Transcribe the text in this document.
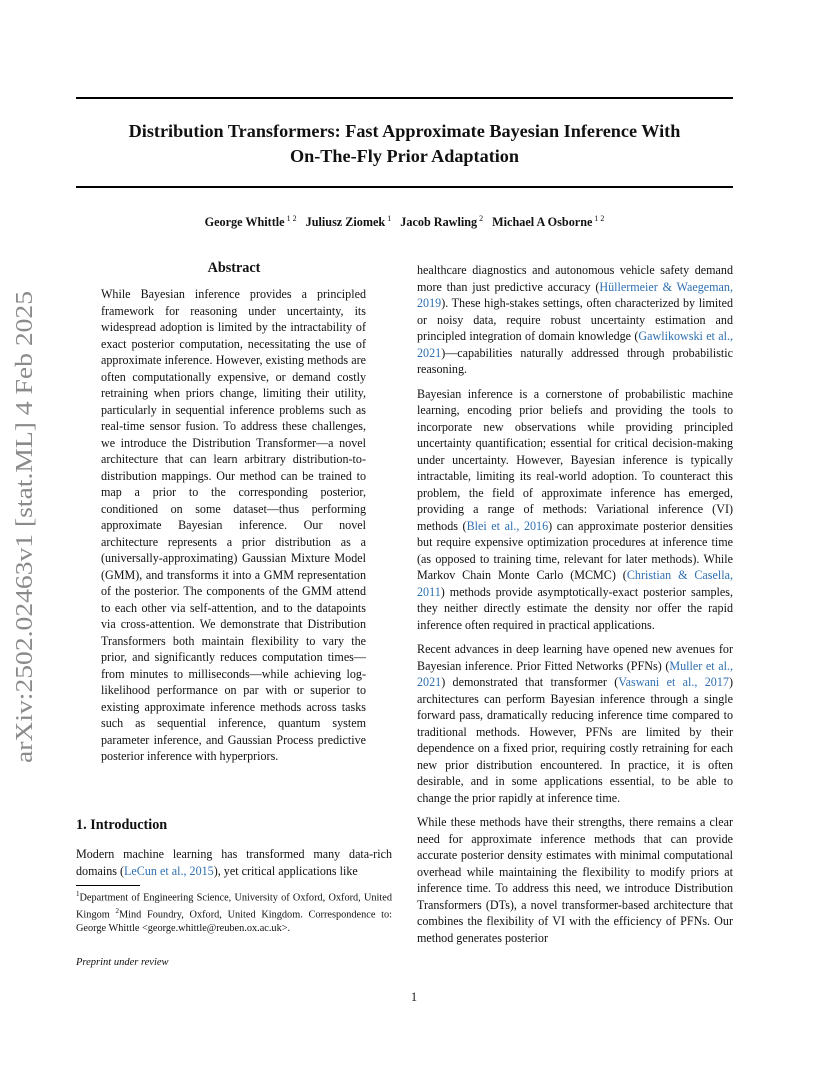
Distribution Transformers: Fast Approximate Bayesian Inference With
On-The-Fly Prior Adaptation
George Whittle $^{1 2}$ Juliusz Ziomek $^1$ Jacob Rawling $^2$ Michael A Osborne $^{1 2}$
arXiv:2502.02463v1 [stat.ML] 4 Feb 2025
Abstract
While Bayesian inference provides a principled framework for reasoning under uncertainty, its widespread adoption is limited by the intractability of exact posterior computation, necessitating the use of approximate inference. However, existing methods are often computationally expensive, or demand costly retraining when priors change, limiting their utility, particularly in sequential inference problems such as real-time sensor fusion. To address these challenges, we introduce the Distribution Transformer—a novel architecture that can learn arbitrary distribution-to-distribution mappings. Our method can be trained to map a prior to the corresponding posterior, conditioned on some dataset—thus performing approximate Bayesian inference. Our novel architecture represents a prior distribution as a (universally-approximating) Gaussian Mixture Model (GMM), and transforms it into a GMM representation of the posterior. The components of the GMM attend to each other via self-attention, and to the datapoints via cross-attention. We demonstrate that Distribution Transformers both maintain flexibility to vary the prior, and significantly reduces computation times—from minutes to milliseconds—while achieving log-likelihood performance on par with or superior to existing approximate inference methods across tasks such as sequential inference, quantum system parameter inference, and Gaussian Process predictive posterior inference with hyperpriors.
1. Introduction
Modern machine learning has transformed many data-rich domains (LeCun et al., 2015), yet critical applications like
$^1$Department of Engineering Science, University of Oxford, Oxford, United Kingom $^2$Mind Foundry, Oxford, United Kingdom. Correspondence to: George Whittle <george.whittle@reuben.ox.ac.uk>.
Preprint under review

healthcare diagnostics and autonomous vehicle safety demand more than just predictive accuracy (Hüllermeier & Waegeman, 2019). These high-stakes settings, often characterized by limited or noisy data, require robust uncertainty estimation and principled integration of domain knowledge (Gawlikowski et al., 2021)—capabilities naturally addressed through probabilistic reasoning.

Bayesian inference is a cornerstone of probabilistic machine learning, encoding prior beliefs and providing the tools to incorporate new observations while providing principled uncertainty quantification; essential for critical decision-making under uncertainty. However, Bayesian inference is typically intractable, limiting its real-world adoption. To counteract this problem, the field of approximate inference has emerged, providing a range of methods: Variational inference (VI) methods (Blei et al., 2016) can approximate posterior densities but require expensive optimization procedures at inference time (as opposed to training time, relevant for later methods). While Markov Chain Monte Carlo (MCMC) (Christian & Casella, 2011) methods provide asymptotically-exact posterior samples, they neither directly estimate the density nor offer the rapid inference often required in practical applications.

Recent advances in deep learning have opened new avenues for Bayesian inference. Prior Fitted Networks (PFNs) (Muller et al., 2021) demonstrated that transformer (Vaswani et al., 2017) architectures can perform Bayesian inference through a single forward pass, dramatically reducing inference time compared to traditional methods. However, PFNs are limited by their dependence on a fixed prior, requiring costly retraining for each new prior distribution encountered. In practice, it is often desirable, and in some applications essential, to be able to change the prior rapidly at inference time.

While these methods have their strengths, there remains a clear need for approximate inference methods that can provide accurate posterior density estimates with minimal computational overhead while maintaining the flexibility to modify priors at inference time. To address this need, we introduce Distribution Transformers (DTs), a novel transformer-based architecture that combines the flexibility of VI with the efficiency of PFNs. Our method generates posterior

1
